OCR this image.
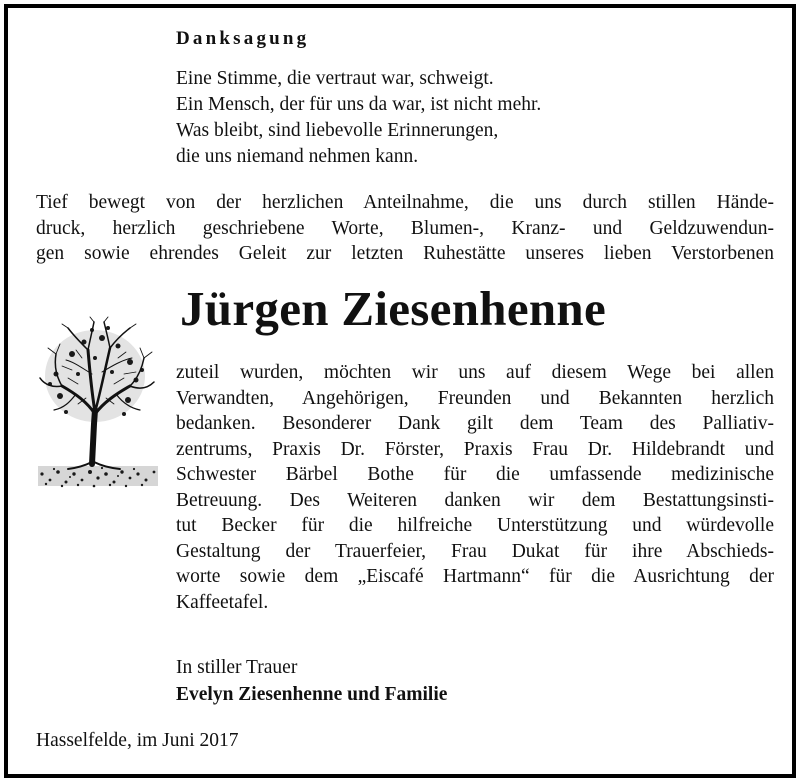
Danksagung
Eine Stimme, die vertraut war, schweigt.
Ein Mensch, der für uns da war, ist nicht mehr.
Was bleibt, sind liebevolle Erinnerungen,
die uns niemand nehmen kann.
Tief bewegt von der herzlichen Anteilnahme, die uns durch stillen Hände-
druck, herzlich geschriebene Worte, Blumen-, Kranz- und Geldzuwendun-
gen sowie ehrendes Geleit zur letzten Ruhestätte unseres lieben Verstorbenen
Jürgen Ziesenhenne
zuteil wurden, möchten wir uns auf diesem Wege bei allen
Verwandten, Angehörigen, Freunden und Bekannten herzlich
bedanken. Besonderer Dank gilt dem Team des Palliativ-
zentrums, Praxis Dr. Förster, Praxis Frau Dr. Hildebrandt und
Schwester Bärbel Bothe für die umfassende medizinische
Betreuung. Des Weiteren danken wir dem Bestattungsinsti-
tut Becker für die hilfreiche Unterstützung und würdevolle
Gestaltung der Trauerfeier, Frau Dukat für ihre Abschieds-
worte sowie dem „Eiscafé Hartmann“ für die Ausrichtung der
Kaffeetafel.
In stiller Trauer
Evelyn Ziesenhenne und Familie
Hasselfelde, im Juni 2017
